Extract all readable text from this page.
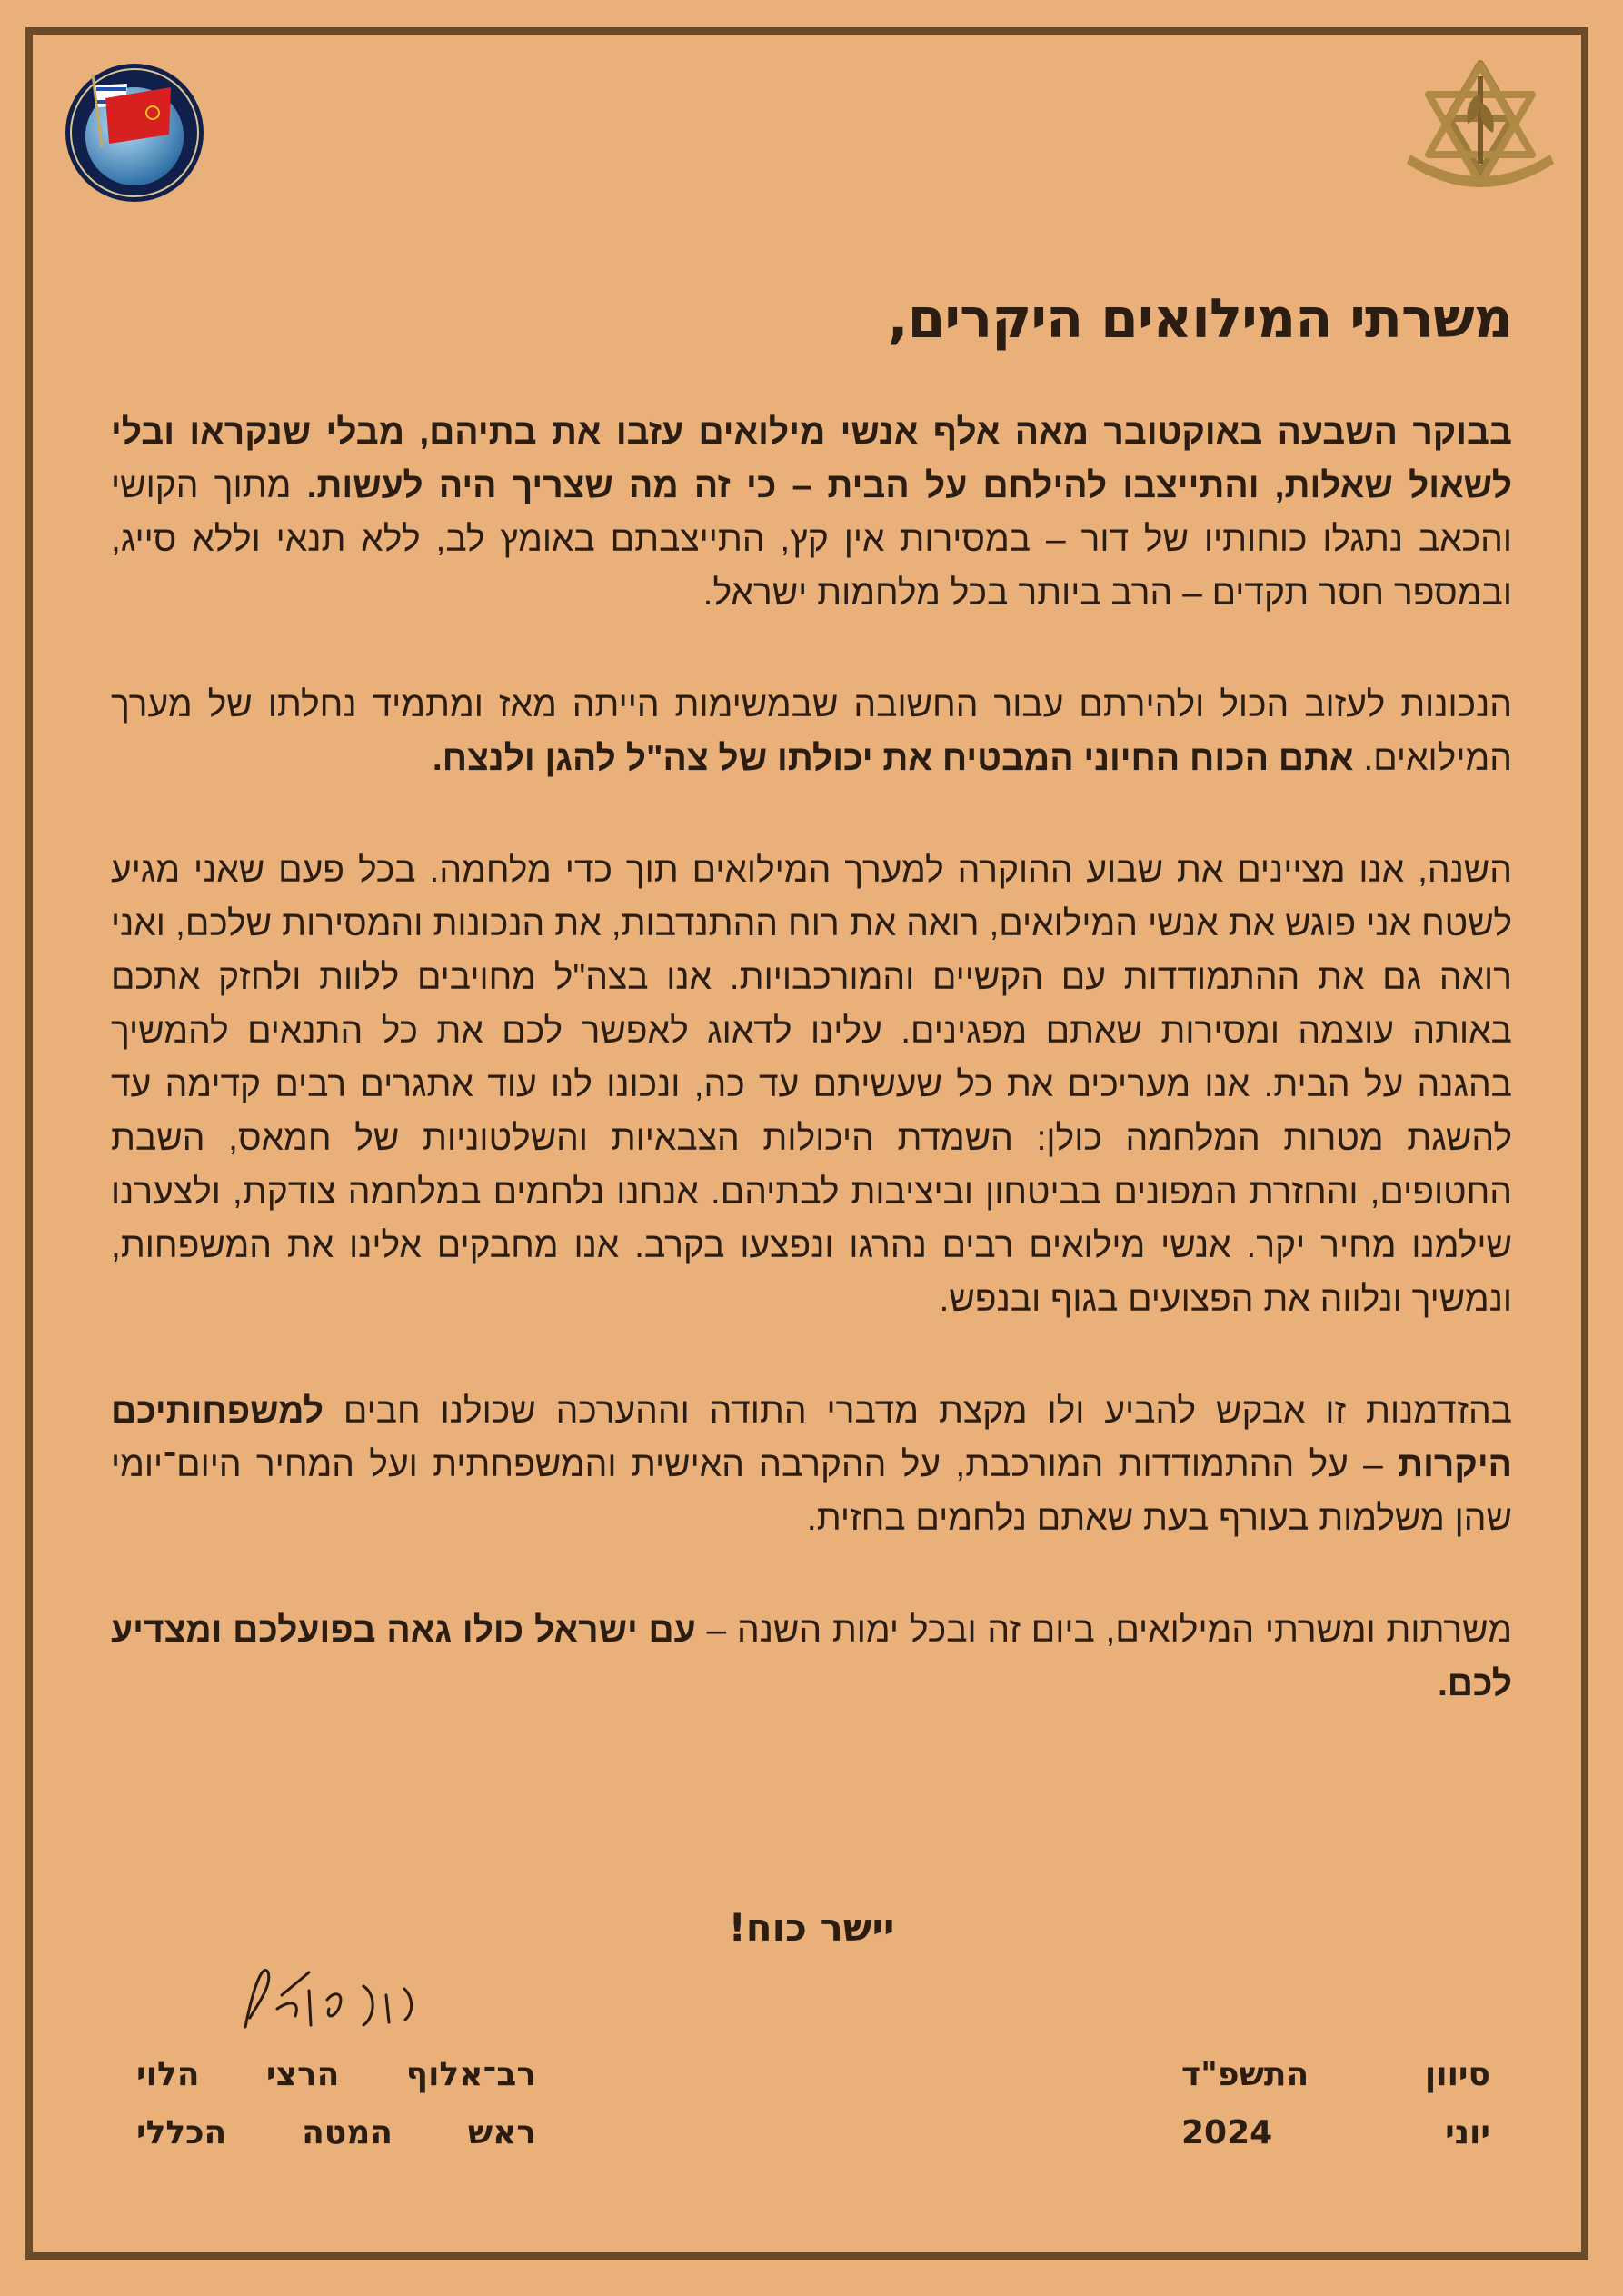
משרתי המילואים היקרים,

בבוקר השבעה באוקטובר מאה אלף אנשי מילואים עזבו את בתיהם, מבלי שנקראו ובלי לשאול שאלות, והתייצבו להילחם על הבית – כי זה מה שצריך היה לעשות. מתוך הקושי והכאב נתגלו כוחותיו של דור – במסירות אין קץ, התייצבתם באומץ לב, ללא תנאי וללא סייג, ובמספר חסר תקדים – הרב ביותר בכל מלחמות ישראל.

הנכונות לעזוב הכול ולהירתם עבור החשובה שבמשימות הייתה מאז ומתמיד נחלתו של מערך המילואים. אתם הכוח החיוני המבטיח את יכולתו של צה"ל להגן ולנצח.

השנה, אנו מציינים את שבוע ההוקרה למערך המילואים תוך כדי מלחמה. בכל פעם שאני מגיע לשטח אני פוגש את אנשי המילואים, רואה את רוח ההתנדבות, את הנכונות והמסירות שלכם, ואני רואה גם את ההתמודדות עם הקשיים והמורכבויות. אנו בצה"ל מחויבים ללוות ולחזק אתכם באותה עוצמה ומסירות שאתם מפגינים. עלינו לדאוג לאפשר לכם את כל התנאים להמשיך בהגנה על הבית. אנו מעריכים את כל שעשיתם עד כה, ונכונו לנו עוד אתגרים רבים קדימה עד להשגת מטרות המלחמה כולן: השמדת היכולות הצבאיות והשלטוניות של חמאס, השבת החטופים, והחזרת המפונים בביטחון וביציבות לבתיהם. אנחנו נלחמים במלחמה צודקת, ולצערנו שילמנו מחיר יקר. אנשי מילואים רבים נהרגו ונפצעו בקרב. אנו מחבקים אלינו את המשפחות, ונמשיך ונלווה את הפצועים בגוף ובנפש.

בהזדמנות זו אבקש להביע ולו מקצת מדברי התודה וההערכה שכולנו חבים למשפחותיכם היקרות – על ההתמודדות המורכבת, על ההקרבה האישית והמשפחתית ועל המחיר היום־יומי שהן משלמות בעורף בעת שאתם נלחמים בחזית.

משרתות ומשרתי המילואים, ביום זה ובכל ימות השנה – עם ישראל כולו גאה בפועלכם ומצדיע לכם.

יישר כוח!
רב־אלוף
הרצי
הלוי
ראש
המטה
הכללי
סיוון
התשפ"ד
יוני
2024
